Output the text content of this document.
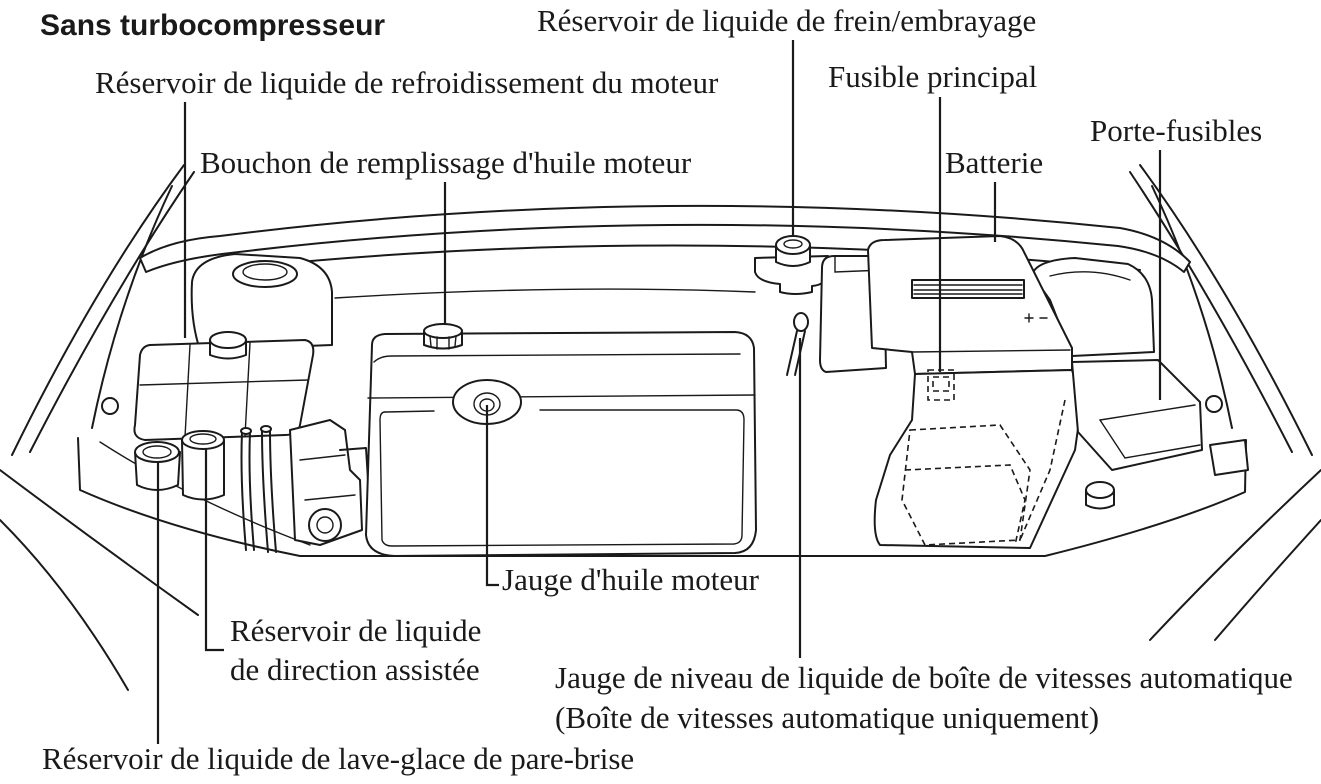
Sans turbocompresseur	Réservoir de liquide de frein/embrayage
Réservoir de liquide de refroidissement du moteur	Fusible principal
Porte-fusibles
Bouchon de remplissage d'huile moteur	Batterie
Jauge d'huile moteur
Réservoir de liquide
de direction assistée Jauge de niveau de liquide de boîte de vitesses automatique
(Boîte de vitesses automatique uniquement)
Réservoir de liquide de lave-glace de pare-brise
